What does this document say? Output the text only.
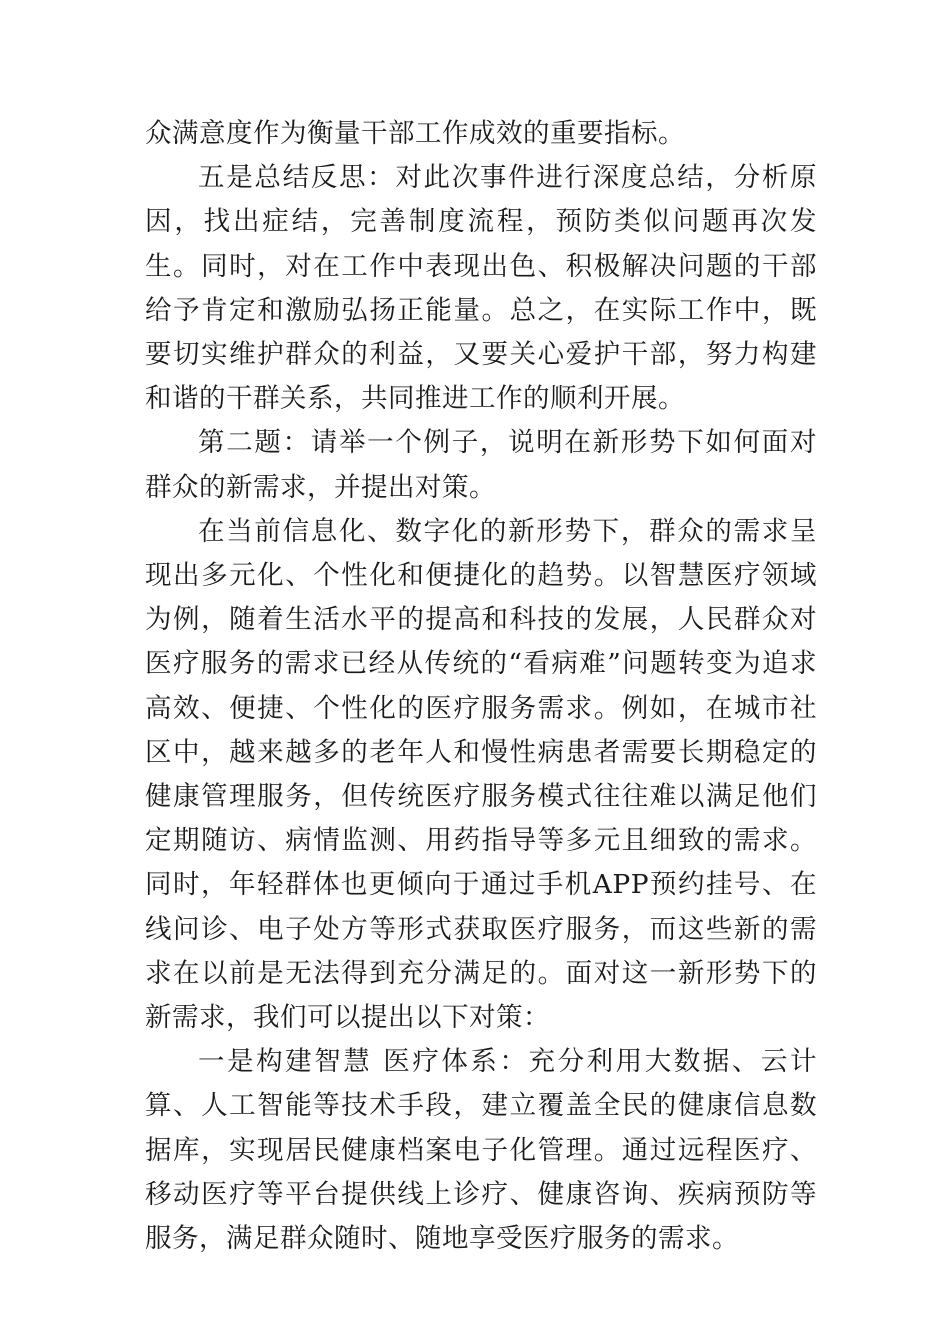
众满意度作为衡量干部工作成效的重要指标。

五是总结反思：对此次事件进行深度总结，分析原因，找出症结，完善制度流程，预防类似问题再次发生。同时，对在工作中表现出色、积极解决问题的干部给予肯定和激励弘扬正能量。总之，在实际工作中，既要切实维护群众的利益，又要关心爱护干部，努力构建和谐的干群关系，共同推进工作的顺利开展。

第二题：请举一个例子，说明在新形势下如何面对群众的新需求，并提出对策。

在当前信息化、数字化的新形势下，群众的需求呈现出多元化、个性化和便捷化的趋势。以智慧医疗领域为例，随着生活水平的提高和科技的发展，人民群众对医疗服务的需求已经从传统的“看病难”问题转变为追求高效、便捷、个性化的医疗服务需求。例如，在城市社区中，越来越多的老年人和慢性病患者需要长期稳定的健康管理服务，但传统医疗服务模式往往难以满足他们定期随访、病情监测、用药指导等多元且细致的需求。同时，年轻群体也更倾向于通过手机APP预约挂号、在线问诊、电子处方等形式获取医疗服务，而这些新的需求在以前是无法得到充分满足的。面对这一新形势下的新需求，我们可以提出以下对策：

一是构建智慧 医疗体系：充分利用大数据、云计算、人工智能等技术手段，建立覆盖全民的健康信息数据库，实现居民健康档案电子化管理。通过远程医疗、移动医疗等平台提供线上诊疗、健康咨询、疾病预防等服务，满足群众随时、随地享受医疗服务的需求。
